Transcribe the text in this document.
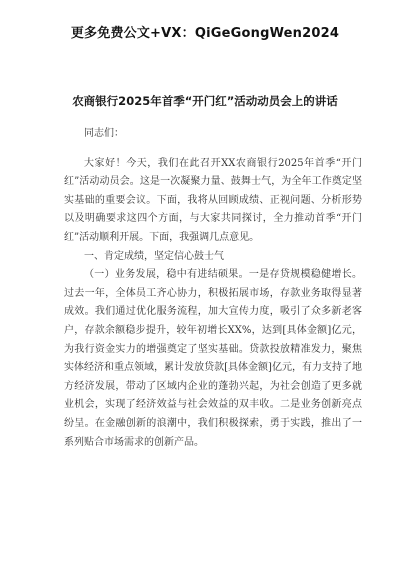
更多免费公文+VX：QiGeGongWen2024
农商银行2025年首季“开门红”活动动员会上的讲话

同志们：

大家好！今天，我们在此召开XX农商银行2025年首季“开门红”活动动员会。这是一次凝聚力量、鼓舞士气，为全年工作奠定坚实基础的重要会议。下面，我将从回顾成绩、正视问题、分析形势以及明确要求这四个方面，与大家共同探讨，全力推动首季“开门红”活动顺利开展。下面，我强调几点意见。

一、肯定成绩，坚定信心鼓士气

（一）业务发展，稳中有进结硕果。一是存贷规模稳健增长。过去一年，全体员工齐心协力，积极拓展市场，存款业务取得显著成效。我们通过优化服务流程，加大宣传力度，吸引了众多新老客户，存款余额稳步提升，较年初增长XX%，达到[具体金额]亿元，为我行资金实力的增强奠定了坚实基础。贷款投放精准发力，聚焦实体经济和重点领域，累计发放贷款[具体金额]亿元，有力支持了地方经济发展，带动了区域内企业的蓬勃兴起，为社会创造了更多就业机会，实现了经济效益与社会效益的双丰收。二是业务创新亮点纷呈。在金融创新的浪潮中，我们积极探索，勇于实践，推出了一系列贴合市场需求的创新产品。
